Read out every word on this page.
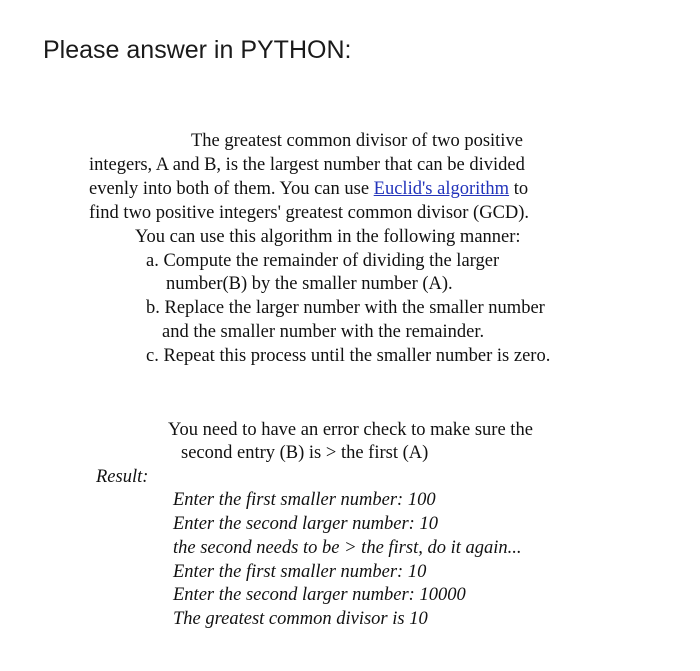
Please answer in PYTHON:
The greatest common divisor of two positive
integers, A and B, is the largest number that can be divided
evenly into both of them. You can use Euclid's algorithm to
find two positive integers' greatest common divisor (GCD).
You can use this algorithm in the following manner:
a. Compute the remainder of dividing the larger
number(B) by the smaller number (A).
b. Replace the larger number with the smaller number
and the smaller number with the remainder.
c. Repeat this process until the smaller number is zero.
You need to have an error check to make sure the
second entry (B) is > the first (A)
Result:
Enter the first smaller number: 100
Enter the second larger number: 10
the second needs to be > the first, do it again...
Enter the first smaller number: 10
Enter the second larger number: 10000
The greatest common divisor is 10
